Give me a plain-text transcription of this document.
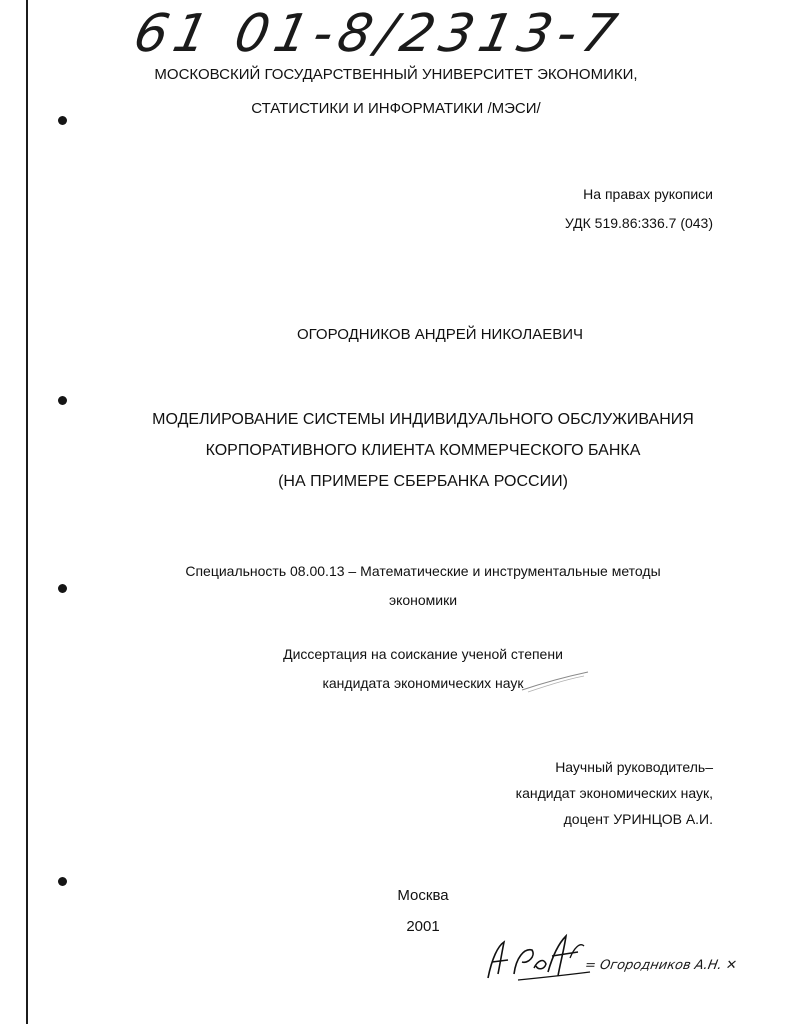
61 01-8/2313-7
МОСКОВСКИЙ ГОСУДАРСТВЕННЫЙ УНИВЕРСИТЕТ ЭКОНОМИКИ,
СТАТИСТИКИ И ИНФОРМАТИКИ /МЭСИ/
На правах рукописи
УДК 519.86:336.7 (043)
ОГОРОДНИКОВ АНДРЕЙ НИКОЛАЕВИЧ
МОДЕЛИРОВАНИЕ СИСТЕМЫ ИНДИВИДУАЛЬНОГО ОБСЛУЖИВАНИЯ
КОРПОРАТИВНОГО КЛИЕНТА КОММЕРЧЕСКОГО БАНКА
(НА ПРИМЕРЕ СБЕРБАНКА РОССИИ)
Специальность 08.00.13 – Математические и инструментальные методы
экономики
Диссертация на соискание ученой степени
кандидата экономических наук
Научный руководитель–
кандидат экономических наук,
доцент УРИНЦОВ А.И.
Москва
2001
= Огородников А.Н. ✕
